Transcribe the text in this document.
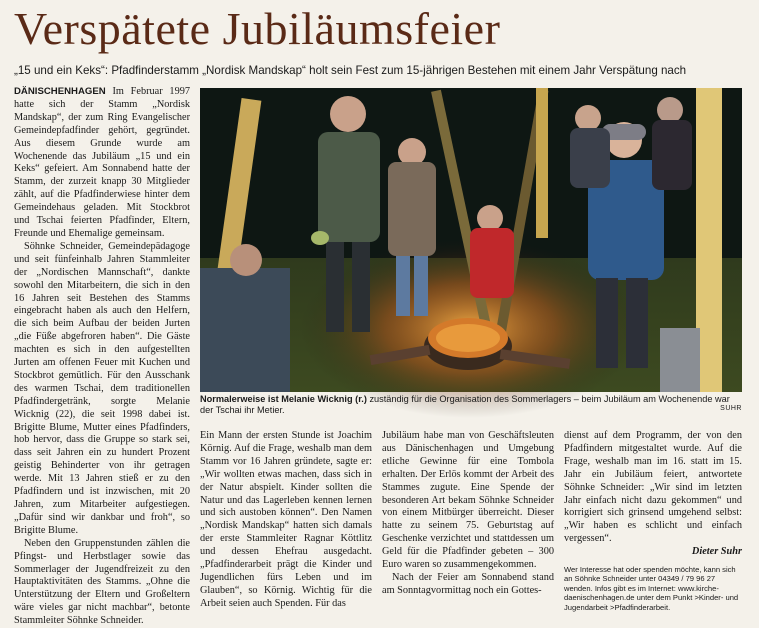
Verspätete Jubiläumsfeier
„15 und ein Keks“: Pfadfinderstamm „Nordisk Mandskap“ holt sein Fest zum 15-jährigen Bestehen mit einem Jahr Verspätung nach

DÄNISCHENHAGEN Im Februar 1997 hatte sich der Stamm „Nordisk Mandskap“, der zum Ring Evangelischer Gemeindepfadfinder gehört, gegründet. Aus diesem Grunde wurde am Wochenende das Jubiläum „15 und ein Keks“ gefeiert. Am Sonnabend hatte der Stamm, der zurzeit knapp 30 Mitglieder zählt, auf die Pfadfinderwiese hinter dem Gemeindehaus geladen. Mit Stockbrot und Tschai feierten Pfadfinder, Eltern, Freunde und Ehemalige gemeinsam.

Söhnke Schneider, Gemeindepädagoge und seit fünfeinhalb Jahren Stammleiter der „Nordischen Mannschaft“, dankte sowohl den Mitarbeitern, die sich in den 16 Jahren seit Bestehen des Stamms eingebracht haben als auch den Helfern, die sich beim Aufbau der beiden Jurten „die Füße abgefroren haben“. Die Gäste machten es sich in den aufgestellten Jurten am offenen Feuer mit Kuchen und Stockbrot gemütlich. Für den Ausschank des warmen Tschai, dem traditionellen Pfadfindergetränk, sorgte Melanie Wicknig (22), die seit 1998 dabei ist. Brigitte Blume, Mutter eines Pfadfinders, hob hervor, dass die Gruppe so stark sei, dass seit Jahren ein zu hundert Prozent geistig Behinderter von ihr getragen werde. Mit 13 Jahren stieß er zu den Pfadfindern und ist inzwischen, mit 20 Jahren, zum Mitarbeiter aufgestiegen. „Dafür sind wir dankbar und froh“, so Brigitte Blume.

Neben den Gruppenstunden zählen die Pfingst- und Herbstlager sowie das Sommerlager der Jugendfreizeit zu den Hauptaktivitäten des Stamms. „Ohne die Unterstützung der Eltern und Großeltern wäre vieles gar nicht machbar“, betonte Stammleiter Söhnke Schneider.

Normalerweise ist Melanie Wicknig (r.) zuständig für die Organisation des Sommerlagers – beim Jubiläum am Wochenende war der Tschai ihr Metier.	SUHR

Ein Mann der ersten Stunde ist Joachim Körnig. Auf die Frage, weshalb man dem Stamm vor 16 Jahren gründete, sagte er: „Wir wollten etwas machen, dass sich in der Natur abspielt. Kinder sollten die Natur und das Lagerleben kennen lernen und sich austoben können“. Den Namen „Nordisk Mandskap“ hatten sich damals der erste Stammleiter Ragnar Köttlitz und dessen Ehefrau ausgedacht. „Pfadfinderarbeit prägt die Kinder und Jugendlichen fürs Leben und im Glauben“, so Körnig. Wichtig für die Arbeit seien auch Spenden. Für das

Jubiläum habe man von Geschäftsleuten aus Dänischenhagen und Umgebung etliche Gewinne für eine Tombola erhalten. Der Erlös kommt der Arbeit des Stammes zugute. Eine Spende der besonderen Art bekam Söhnke Schneider von einem Mitbürger überreicht. Dieser hatte zu seinem 75. Geburtstag auf Geschenke verzichtet und stattdessen um Geld für die Pfadfinder gebeten – 300 Euro waren so zusammengekommen.

Nach der Feier am Sonnabend stand am Sonntagvormittag noch ein Gottes-

dienst auf dem Programm, der von den Pfadfindern mitgestaltet wurde. Auf die Frage, weshalb man im 16. statt im 15. Jahr ein Jubiläum feiert, antwortete Söhnke Schneider: „Wir sind im letzten Jahr einfach nicht dazu gekommen“ und korrigiert sich grinsend umgehend selbst: „Wir haben es schlicht und einfach vergessen“.

Dieter Suhr
Wer Interesse hat oder spenden möchte, kann sich an Söhnke Schneider unter 04349 / 79 96 27 wenden. Infos gibt es im Internet: www.kirche-daenischenhagen.de unter dem Punkt >Kinder- und Jugendarbeit >Pfadfinderarbeit.
